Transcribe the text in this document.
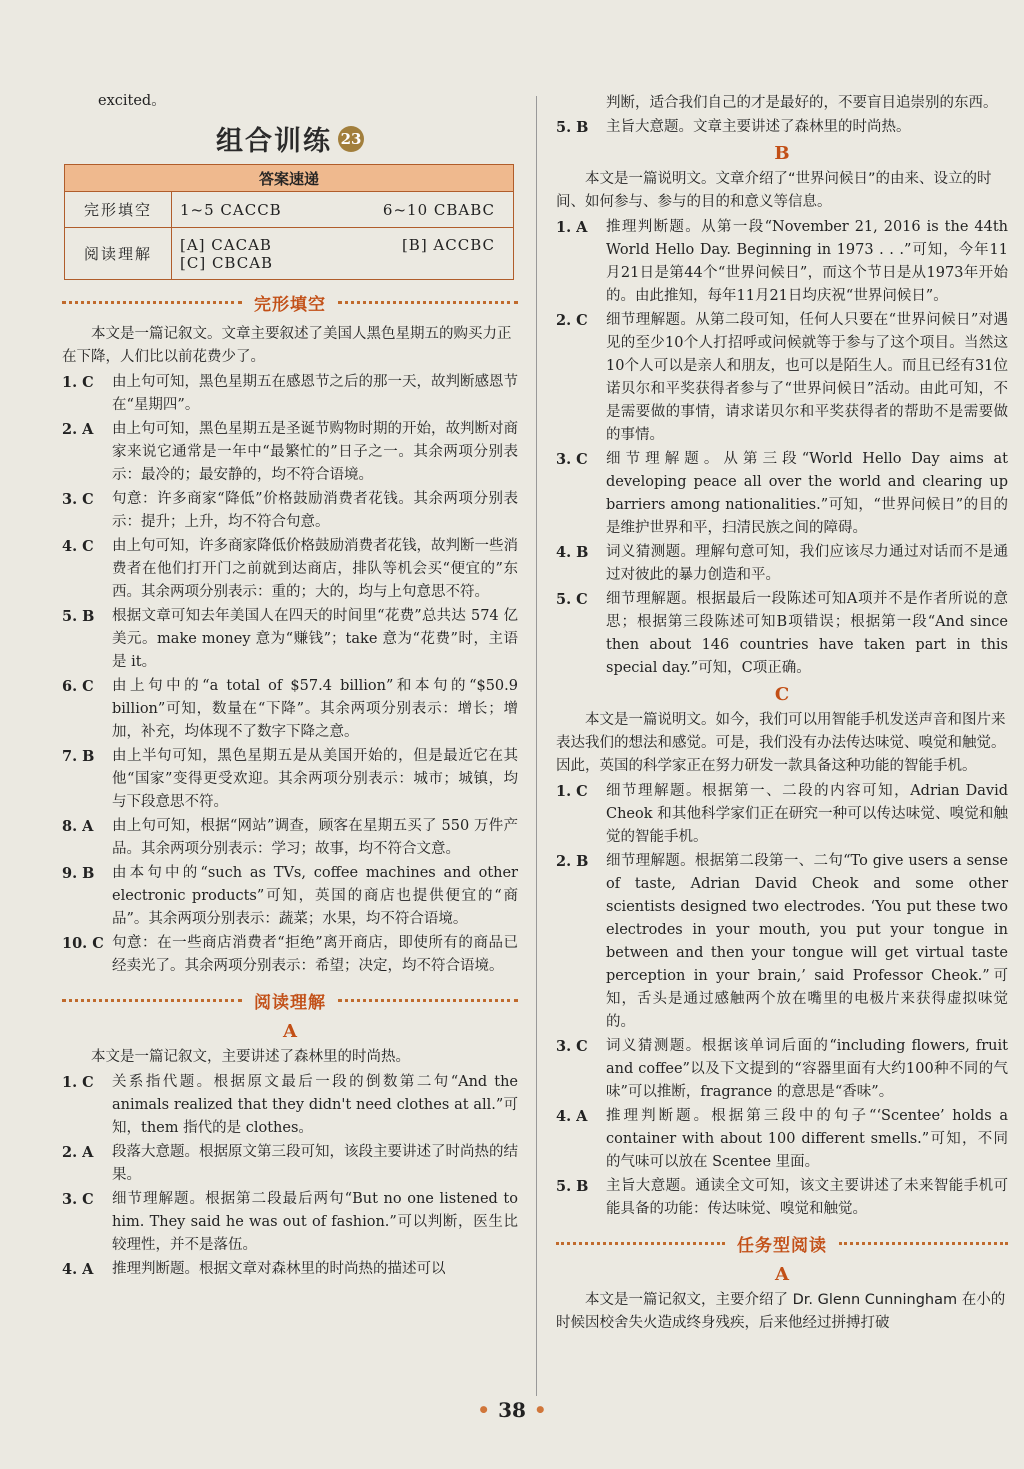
excited。
组合训练 23
答案速递	
完形填空	1~5 CACCB 6~10 CBABC

阅读理解	[A] CACAB [B] ACCBC
[C] CBCAB
完形填空
本文是一篇记叙文。文章主要叙述了美国人黑色星期五的购买力正在下降，人们比以前花费少了。
1. C	由上句可知，黑色星期五在感恩节之后的那一天，故判断感恩节在“星期四”。
2. A	由上句可知，黑色星期五是圣诞节购物时期的开始，故判断对商家来说它通常是一年中“最繁忙的”日子之一。其余两项分别表示：最冷的；最安静的，均不符合语境。
3. C	句意：许多商家“降低”价格鼓励消费者花钱。其余两项分别表示：提升；上升，均不符合句意。
4. C	由上句可知，许多商家降低价格鼓励消费者花钱，故判断一些消费者在他们打开门之前就到达商店，排队等机会买“便宜的”东西。其余两项分别表示：重的；大的，均与上句意思不符。
5. B	根据文章可知去年美国人在四天的时间里“花费”总共达 574 亿美元。make money 意为“赚钱”；take 意为“花费”时，主语是 it。
6. C	由上句中的“a total of $57.4 billion”和本句的“$50.9 billion”可知，数量在“下降”。其余两项分别表示：增长；增加，补充，均体现不了数字下降之意。
7. B	由上半句可知，黑色星期五是从美国开始的，但是最近它在其他“国家”变得更受欢迎。其余两项分别表示：城市；城镇，均与下段意思不符。
8. A	由上句可知，根据“网站”调查，顾客在星期五买了 550 万件产品。其余两项分别表示：学习；故事，均不符合文意。
9. B	由本句中的“such as TVs, coffee machines and other electronic products”可知，英国的商店也提供便宜的“商品”。其余两项分别表示：蔬菜；水果，均不符合语境。
10. C 句意：在一些商店消费者“拒绝”离开商店，即使所有的商品已经卖光了。其余两项分别表示：希望；决定，均不符合语境。
阅读理解
A
本文是一篇记叙文，主要讲述了森林里的时尚热。
1. C	关系指代题。根据原文最后一段的倒数第二句“And the animals realized that they didn't need clothes at all.”可知，them 指代的是 clothes。
2. A	段落大意题。根据原文第三段可知，该段主要讲述了时尚热的结果。
3. C	细节理解题。根据第二段最后两句“But no one listened to him. They said he was out of fashion.”可以判断，医生比较理性，并不是落伍。
4. A	推理判断题。根据文章对森林里的时尚热的描述可以
判断，适合我们自己的才是最好的，不要盲目追崇别的东西。
5. B	主旨大意题。文章主要讲述了森林里的时尚热。
B
本文是一篇说明文。文章介绍了“世界问候日”的由来、设立的时间、如何参与、参与的目的和意义等信息。
1. A	推理判断题。从第一段“November 21, 2016 is the 44th World Hello Day. Beginning in 1973 . . .”可知，今年11月21日是第44个“世界问候日”，而这个节日是从1973年开始的。由此推知，每年11月21日均庆祝“世界问候日”。
2. C	细节理解题。从第二段可知，任何人只要在“世界问候日”对遇见的至少10个人打招呼或问候就等于参与了这个项目。当然这10个人可以是亲人和朋友，也可以是陌生人。而且已经有31位诺贝尔和平奖获得者参与了“世界问候日”活动。由此可知，不是需要做的事情，请求诺贝尔和平奖获得者的帮助不是需要做的事情。
3. C	细节理解题。从第三段“World Hello Day aims at developing peace all over the world and clearing up barriers among nationalities.”可知，“世界问候日”的目的是维护世界和平，扫清民族之间的障碍。
4. B	词义猜测题。理解句意可知，我们应该尽力通过对话而不是通过对彼此的暴力创造和平。
5. C	细节理解题。根据最后一段陈述可知A项并不是作者所说的意思；根据第三段陈述可知B项错误；根据第一段“And since then about 146 countries have taken part in this special day.”可知，C项正确。
C
本文是一篇说明文。如今，我们可以用智能手机发送声音和图片来表达我们的想法和感觉。可是，我们没有办法传达味觉、嗅觉和触觉。因此，英国的科学家正在努力研发一款具备这种功能的智能手机。
1. C	细节理解题。根据第一、二段的内容可知，Adrian David Cheok 和其他科学家们正在研究一种可以传达味觉、嗅觉和触觉的智能手机。
2. B	细节理解题。根据第二段第一、二句“To give users a sense of taste, Adrian David Cheok and some other scientists designed two electrodes. ‘You put these two electrodes in your mouth, you put your tongue in between and then your tongue will get virtual taste perception in your brain,’ said Professor Cheok.”可知，舌头是通过感触两个放在嘴里的电极片来获得虚拟味觉的。
3. C	词义猜测题。根据该单词后面的“including flowers, fruit and coffee”以及下文提到的“容器里面有大约100种不同的气味”可以推断，fragrance 的意思是“香味”。
4. A	推理判断题。根据第三段中的句子“‘Scentee’ holds a container with about 100 different smells.”可知，不同的气味可以放在 Scentee 里面。
5. B	主旨大意题。通读全文可知，该文主要讲述了未来智能手机可能具备的功能：传达味觉、嗅觉和触觉。
任务型阅读
A
本文是一篇记叙文，主要介绍了 Dr. Glenn Cunningham 在小的时候因校舍失火造成终身残疾，后来他经过拼搏打破
• 38 •
